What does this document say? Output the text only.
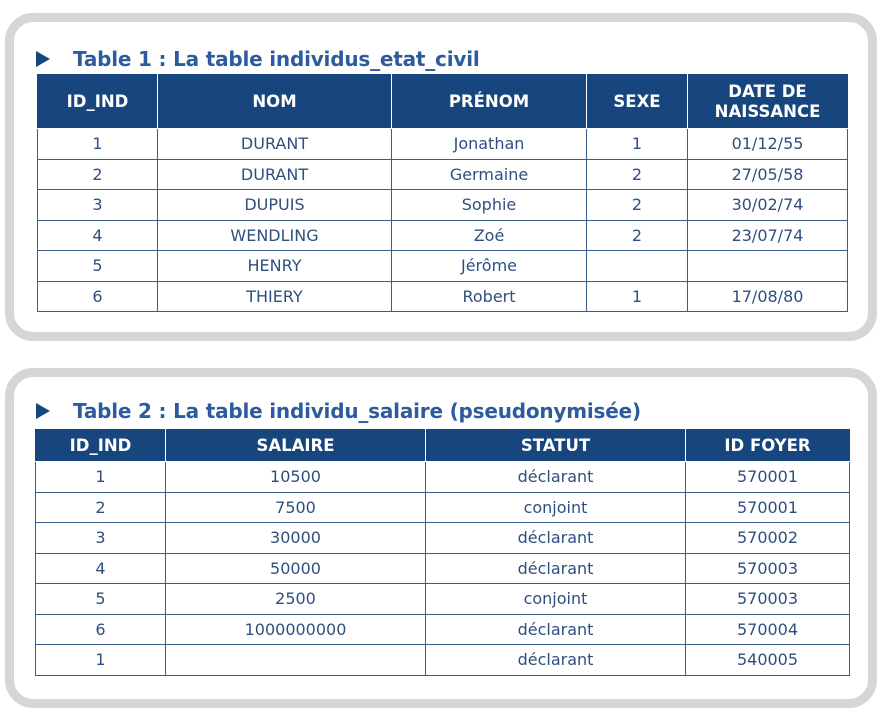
Table 1 : La table individus_etat_civil
ID_IND	NOM	PRÉNOM	SEXE	DATE DE NAISSANCE
1	DURANT	Jonathan	1	01/12/55
2	DURANT	Germaine	2	27/05/58
3	DUPUIS	Sophie	2	30/02/74
4	WENDLING	Zoé	2	23/07/74
5	HENRY	Jérôme		
6	THIERY	Robert	1	17/08/80
Table 2 : La table individu_salaire (pseudonymisée)
ID_IND	SALAIRE	STATUT	ID FOYER
1	10500	déclarant	570001
2	7500	conjoint	570001
3	30000	déclarant	570002
4	50000	déclarant	570003
5	2500	conjoint	570003
6	1000000000	déclarant	570004
1		déclarant	540005
